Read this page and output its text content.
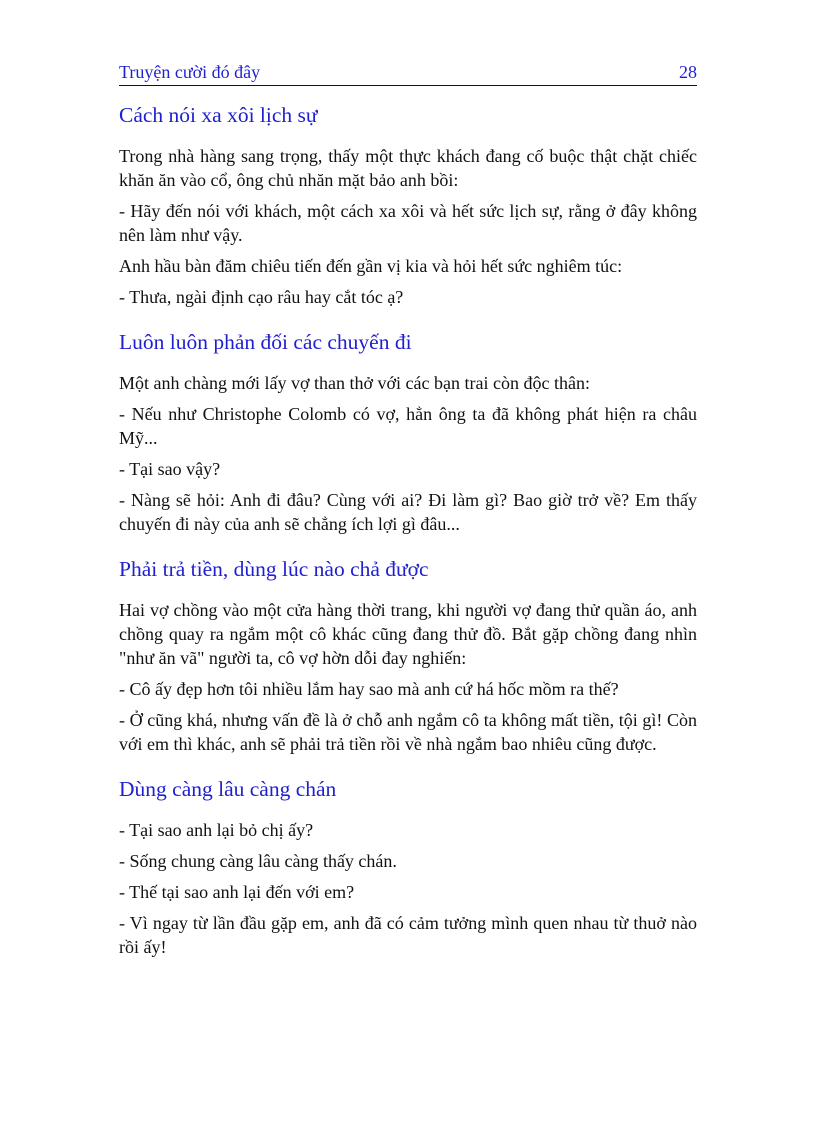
Truyện cười đó đây	28
Cách nói xa xôi lịch sự

Trong nhà hàng sang trọng, thấy một thực khách đang cố buộc thật chặt chiếc khăn ăn vào cổ, ông chủ nhăn mặt bảo anh bồi:

- Hãy đến nói với khách, một cách xa xôi và hết sức lịch sự, rằng ở đây không nên làm như vậy.

Anh hầu bàn đăm chiêu tiến đến gần vị kia và hỏi hết sức nghiêm túc:

- Thưa, ngài định cạo râu hay cắt tóc ạ?

Luôn luôn phản đối các chuyến đi

Một anh chàng mới lấy vợ than thở với các bạn trai còn độc thân:

- Nếu như Christophe Colomb có vợ, hẳn ông ta đã không phát hiện ra châu Mỹ...

- Tại sao vậy?

- Nàng sẽ hỏi: Anh đi đâu? Cùng với ai? Đi làm gì? Bao giờ trở về? Em thấy chuyến đi này của anh sẽ chẳng ích lợi gì đâu...

Phải trả tiền, dùng lúc nào chả được

Hai vợ chồng vào một cửa hàng thời trang, khi người vợ đang thử quần áo, anh chồng quay ra ngắm một cô khác cũng đang thử đồ. Bắt gặp chồng đang nhìn "như ăn vã" người ta, cô vợ hờn dỗi đay nghiến:

- Cô ấy đẹp hơn tôi nhiều lắm hay sao mà anh cứ há hốc mồm ra thế?

- Ở cũng khá, nhưng vấn đề là ở chỗ anh ngắm cô ta không mất tiền, tội gì! Còn với em thì khác, anh sẽ phải trả tiền rồi về nhà ngắm bao nhiêu cũng được.

Dùng càng lâu càng chán

- Tại sao anh lại bỏ chị ấy?

- Sống chung càng lâu càng thấy chán.

- Thế tại sao anh lại đến với em?

- Vì ngay từ lần đầu gặp em, anh đã có cảm tưởng mình quen nhau từ thuở nào rồi ấy!
